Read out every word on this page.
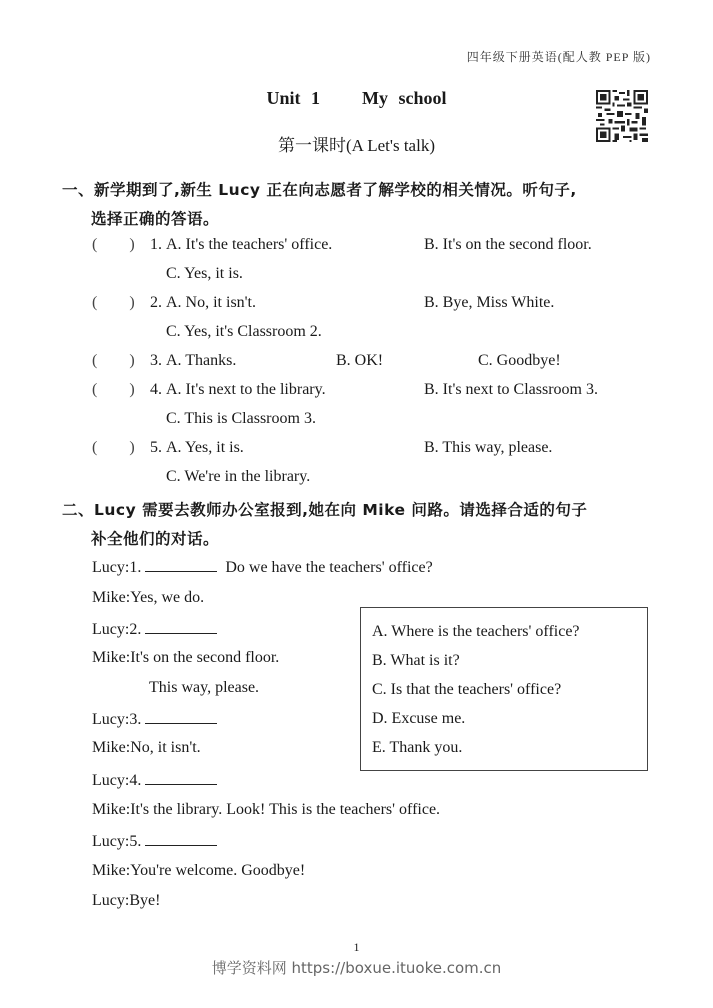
四年级下册英语(配人教 PEP 版)
Unit 1    My school
第一课时(A Let's talk)
一、新学期到了,新生 Lucy 正在向志愿者了解学校的相关情况。听句子,
选择正确的答语。
(        ) 1. A. It's the teachers' office.	B. It's on the second floor.
C. Yes, it is.
(        ) 2. A. No, it isn't.	B. Bye, Miss White.
C. Yes, it's Classroom 2.
(        ) 3. A. Thanks.	B. OK!	C. Goodbye!
(        ) 4. A. It's next to the library.	B. It's next to Classroom 3.
C. This is Classroom 3.
(        ) 5. A. Yes, it is.	B. This way, please.
C. We're in the library.
二、Lucy 需要去教师办公室报到,她在向 Mike 问路。请选择合适的句子
补全他们的对话。
Lucy:1.	Do we have the teachers' office?
Mike:Yes, we do.
Lucy:2.
Mike:It's on the second floor.
This way, please.
Lucy:3.
Mike:No, it isn't.
Lucy:4.
Mike:It's the library. Look! This is the teachers' office.
Lucy:5.
Mike:You're welcome. Goodbye!
Lucy:Bye!
A. Where is the teachers' office?
B. What is it?
C. Is that the teachers' office?
D. Excuse me.
E. Thank you.
1
博学资料网 https://boxue.ituoke.com.cn
